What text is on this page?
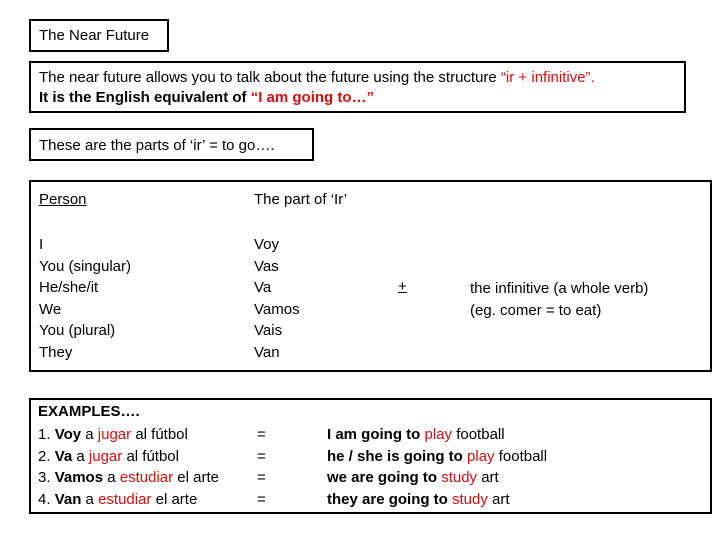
The Near Future
The near future allows you to talk about the future using the structure “ir + infinitive”.
It is the English equivalent of “I am going to…”
These are the parts of ‘ir’ = to go….
Person	The part of ‘Ir’
I
You (singular)
He/she/it
We
You (plural)
They
Voy
Vas
Va
Vamos
Vais
Van
+	the infinitive (a whole verb)
(eg. comer = to eat)
EXAMPLES….
1. Voy a jugar al fútbol
2. Va a jugar al fútbol
3. Vamos a estudiar el arte
4. Van a estudiar el arte
=
=
=
=
I am going to play football
he / she is going to play football
we are going to study art
they are going to study art
